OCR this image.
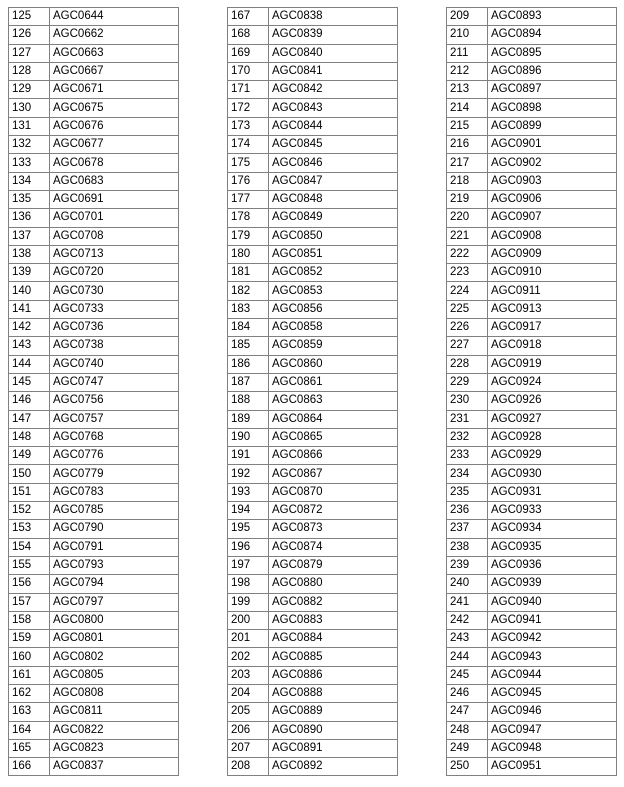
125	AGC0644
126	AGC0662
127	AGC0663
128	AGC0667
129	AGC0671
130	AGC0675
131	AGC0676
132	AGC0677
133	AGC0678
134	AGC0683
135	AGC0691
136	AGC0701
137	AGC0708
138	AGC0713
139	AGC0720
140	AGC0730
141	AGC0733
142	AGC0736
143	AGC0738
144	AGC0740
145	AGC0747
146	AGC0756
147	AGC0757
148	AGC0768
149	AGC0776
150	AGC0779
151	AGC0783
152	AGC0785
153	AGC0790
154	AGC0791
155	AGC0793
156	AGC0794
157	AGC0797
158	AGC0800
159	AGC0801
160	AGC0802
161	AGC0805
162	AGC0808
163	AGC0811
164	AGC0822
165	AGC0823
166	AGC0837
167	AGC0838
168	AGC0839
169	AGC0840
170	AGC0841
171	AGC0842
172	AGC0843
173	AGC0844
174	AGC0845
175	AGC0846
176	AGC0847
177	AGC0848
178	AGC0849
179	AGC0850
180	AGC0851
181	AGC0852
182	AGC0853
183	AGC0856
184	AGC0858
185	AGC0859
186	AGC0860
187	AGC0861
188	AGC0863
189	AGC0864
190	AGC0865
191	AGC0866
192	AGC0867
193	AGC0870
194	AGC0872
195	AGC0873
196	AGC0874
197	AGC0879
198	AGC0880
199	AGC0882
200	AGC0883
201	AGC0884
202	AGC0885
203	AGC0886
204	AGC0888
205	AGC0889
206	AGC0890
207	AGC0891
208	AGC0892
209	AGC0893
210	AGC0894
211	AGC0895
212	AGC0896
213	AGC0897
214	AGC0898
215	AGC0899
216	AGC0901
217	AGC0902
218	AGC0903
219	AGC0906
220	AGC0907
221	AGC0908
222	AGC0909
223	AGC0910
224	AGC0911
225	AGC0913
226	AGC0917
227	AGC0918
228	AGC0919
229	AGC0924
230	AGC0926
231	AGC0927
232	AGC0928
233	AGC0929
234	AGC0930
235	AGC0931
236	AGC0933
237	AGC0934
238	AGC0935
239	AGC0936
240	AGC0939
241	AGC0940
242	AGC0941
243	AGC0942
244	AGC0943
245	AGC0944
246	AGC0945
247	AGC0946
248	AGC0947
249	AGC0948
250	AGC0951
